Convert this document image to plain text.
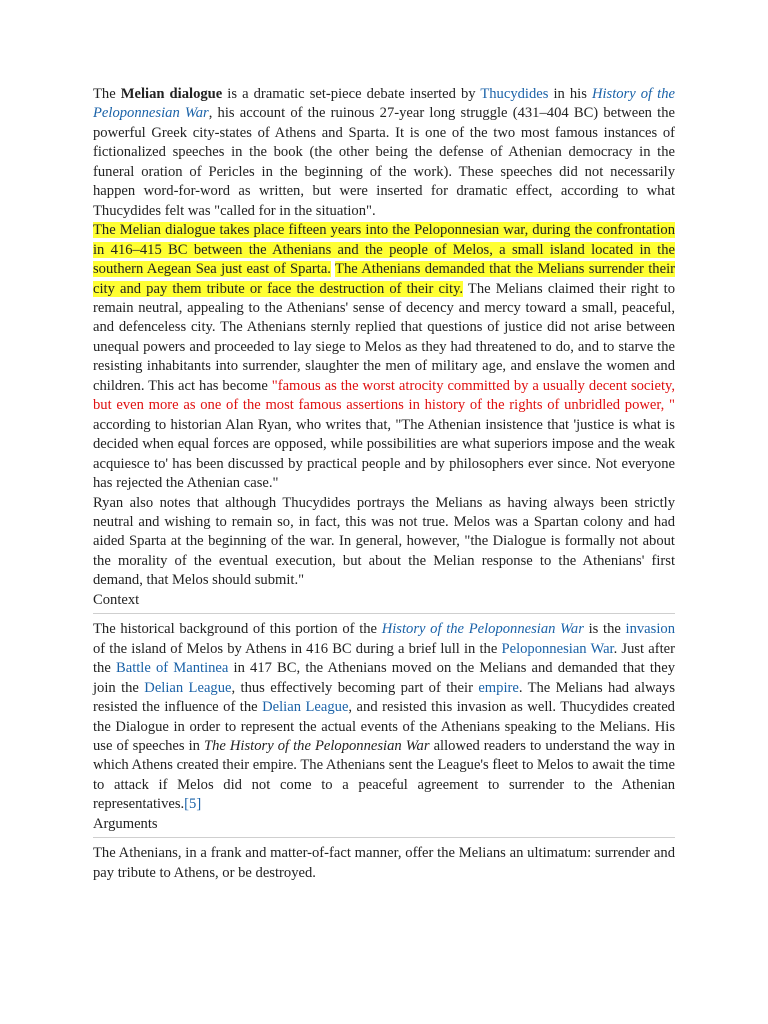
The Melian dialogue is a dramatic set-piece debate inserted by Thucydides in his History of the Peloponnesian War, his account of the ruinous 27-year long struggle (431–404 BC) between the powerful Greek city-states of Athens and Sparta. It is one of the two most famous instances of fictionalized speeches in the book (the other being the defense of Athenian democracy in the funeral oration of Pericles in the beginning of the work). These speeches did not necessarily happen word-for-word as written, but were inserted for dramatic effect, according to what Thucydides felt was "called for in the situation".

The Melian dialogue takes place fifteen years into the Peloponnesian war, during the confrontation in 416–415 BC between the Athenians and the people of Melos, a small island located in the southern Aegean Sea just east of Sparta. The Athenians demanded that the Melians surrender their city and pay them tribute or face the destruction of their city. The Melians claimed their right to remain neutral, appealing to the Athenians' sense of decency and mercy toward a small, peaceful, and defenceless city. The Athenians sternly replied that questions of justice did not arise between unequal powers and proceeded to lay siege to Melos as they had threatened to do, and to starve the resisting inhabitants into surrender, slaughter the men of military age, and enslave the women and children. This act has become "famous as the worst atrocity committed by a usually decent society, but even more as one of the most famous assertions in history of the rights of unbridled power, " according to historian Alan Ryan, who writes that, "The Athenian insistence that 'justice is what is decided when equal forces are opposed, while possibilities are what superiors impose and the weak acquiesce to' has been discussed by practical people and by philosophers ever since. Not everyone has rejected the Athenian case."

Ryan also notes that although Thucydides portrays the Melians as having always been strictly neutral and wishing to remain so, in fact, this was not true. Melos was a Spartan colony and had aided Sparta at the beginning of the war. In general, however, "the Dialogue is formally not about the morality of the eventual execution, but about the Melian response to the Athenians' first demand, that Melos should submit."

Context

The historical background of this portion of the History of the Peloponnesian War is the invasion of the island of Melos by Athens in 416 BC during a brief lull in the Peloponnesian War. Just after the Battle of Mantinea in 417 BC, the Athenians moved on the Melians and demanded that they join the Delian League, thus effectively becoming part of their empire. The Melians had always resisted the influence of the Delian League, and resisted this invasion as well. Thucydides created the Dialogue in order to represent the actual events of the Athenians speaking to the Melians. His use of speeches in The History of the Peloponnesian War allowed readers to understand the way in which Athens created their empire. The Athenians sent the League's fleet to Melos to await the time to attack if Melos did not come to a peaceful agreement to surrender to the Athenian representatives.[5]

Arguments

The Athenians, in a frank and matter-of-fact manner, offer the Melians an ultimatum: surrender and pay tribute to Athens, or be destroyed.
